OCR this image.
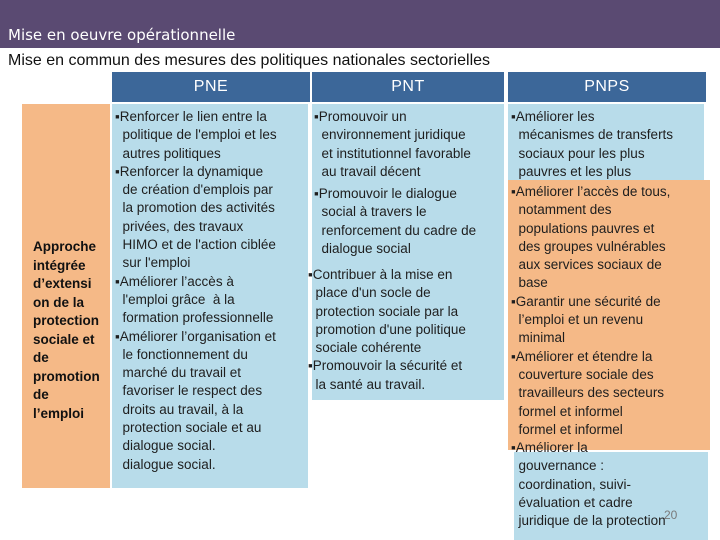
Mise en oeuvre opérationnelle
Mise en commun des mesures des politiques nationales sectorielles
PNE	PNT	PNPS
Approche
intégrée
d’extensi
on de la
protection
sociale et
de
promotion
de
l’emploi
▪Renforcer le lien entre la
politique de l'emploi et les
autres politiques
▪Renforcer la dynamique
de création d'emplois par
la promotion des activités
privées, des travaux
HIMO et de l'action ciblée
sur l'emploi
▪Améliorer l’accès à
l'emploi grâce  à la
formation professionnelle
▪Améliorer l’organisation et
le fonctionnement du
marché du travail et
favoriser le respect des
droits au travail, à la
protection sociale et au
dialogue social.
dialogue social.
▪Promouvoir un
environnement juridique
et institutionnel favorable
au travail décent
▪Promouvoir le dialogue
social à travers le
renforcement du cadre de
dialogue social
▪Contribuer à la mise en
place d'un socle de
protection sociale par la
promotion d'une politique
sociale cohérente
▪Promouvoir la sécurité et
la santé au travail.
▪Améliorer les
mécanismes de transferts
sociaux pour les plus
pauvres et les plus
▪Améliorer l’accès de tous,
notamment des
populations pauvres et
des groupes vulnérables
aux services sociaux de
base
▪Garantir une sécurité de
l’emploi et un revenu
minimal
▪Améliorer et étendre la
couverture sociale des
travailleurs des secteurs
formel et informel
formel et informel
▪Améliorer la
gouvernance :
coordination, suivi-
évaluation et cadre
juridique de la protection
20
